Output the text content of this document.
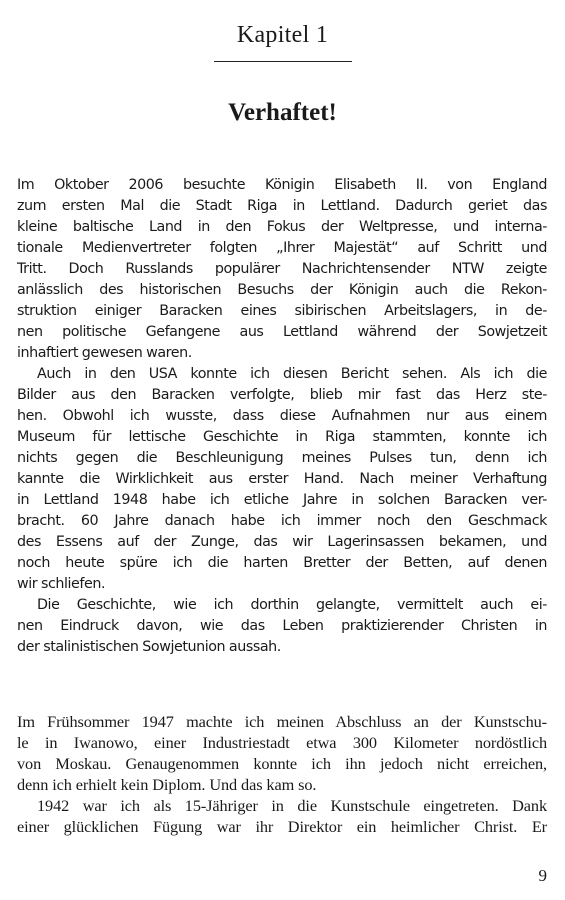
Kapitel 1
Verhaftet!
Im Oktober 2006 besuchte Königin Elisabeth II. von England
zum ersten Mal die Stadt Riga in Lettland. Dadurch geriet das
kleine baltische Land in den Fokus der Weltpresse, und interna-
tionale Medienvertreter folgten „Ihrer Majestät“ auf Schritt und
Tritt. Doch Russlands populärer Nachrichtensender NTW zeigte
anlässlich des historischen Besuchs der Königin auch die Rekon-
struktion einiger Baracken eines sibirischen Arbeitslagers, in de-
nen politische Gefangene aus Lettland während der Sowjetzeit
inhaftiert gewesen waren.
Auch in den USA konnte ich diesen Bericht sehen. Als ich die
Bilder aus den Baracken verfolgte, blieb mir fast das Herz ste-
hen. Obwohl ich wusste, dass diese Aufnahmen nur aus einem
Museum für lettische Geschichte in Riga stammten, konnte ich
nichts gegen die Beschleunigung meines Pulses tun, denn ich
kannte die Wirklichkeit aus erster Hand. Nach meiner Verhaftung
in Lettland 1948 habe ich etliche Jahre in solchen Baracken ver-
bracht. 60 Jahre danach habe ich immer noch den Geschmack
des Essens auf der Zunge, das wir Lagerinsassen bekamen, und
noch heute spüre ich die harten Bretter der Betten, auf denen
wir schliefen.
Die Geschichte, wie ich dorthin gelangte, vermittelt auch ei-
nen Eindruck davon, wie das Leben praktizierender Christen in
der stalinistischen Sowjetunion aussah.
Im Frühsommer 1947 machte ich meinen Abschluss an der Kunstschu-
le in Iwanowo, einer Industriestadt etwa 300 Kilometer nordöstlich
von Moskau. Genaugenommen konnte ich ihn jedoch nicht erreichen,
denn ich erhielt kein Diplom. Und das kam so.
1942 war ich als 15-Jähriger in die Kunstschule eingetreten. Dank
einer glücklichen Fügung war ihr Direktor ein heimlicher Christ. Er
9
